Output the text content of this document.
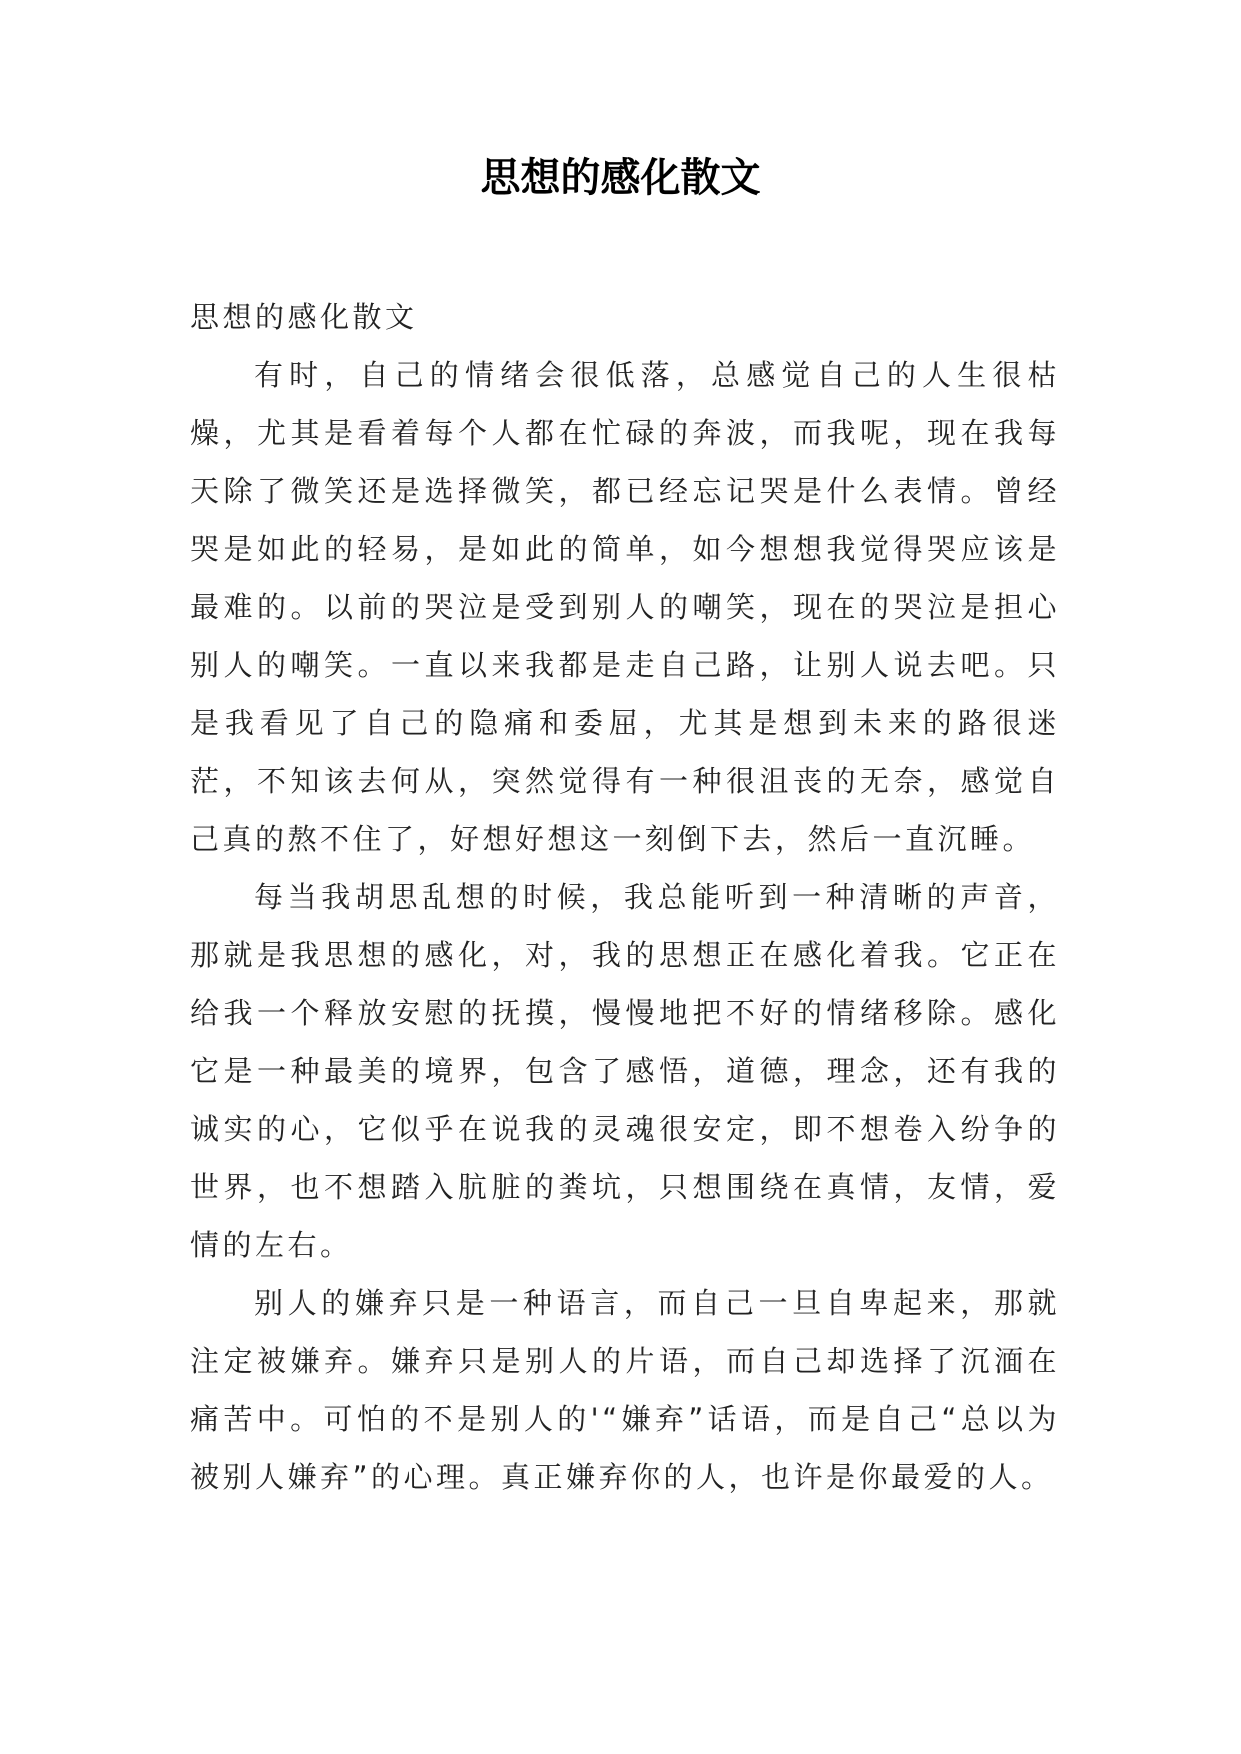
思想的感化散文

思想的感化散文

有时，自己的情绪会很低落，总感觉自己的人生很枯燥，尤其是看着每个人都在忙碌的奔波，而我呢，现在我每天除了微笑还是选择微笑，都已经忘记哭是什么表情。曾经哭是如此的轻易，是如此的简单，如今想想我觉得哭应该是最难的。以前的哭泣是受到别人的嘲笑，现在的哭泣是担心别人的嘲笑。一直以来我都是走自己路，让别人说去吧。只是我看见了自己的隐痛和委屈，尤其是想到未来的路很迷茫，不知该去何从，突然觉得有一种很沮丧的无奈，感觉自己真的熬不住了，好想好想这一刻倒下去，然后一直沉睡。

每当我胡思乱想的时候，我总能听到一种清晰的声音，那就是我思想的感化，对，我的思想正在感化着我。它正在给我一个释放安慰的抚摸，慢慢地把不好的情绪移除。感化它是一种最美的境界，包含了感悟，道德，理念，还有我的诚实的心，它似乎在说我的灵魂很安定，即不想卷入纷争的世界，也不想踏入肮脏的粪坑，只想围绕在真情，友情，爱情的左右。

别人的嫌弃只是一种语言，而自己一旦自卑起来，那就注定被嫌弃。嫌弃只是别人的片语，而自己却选择了沉湎在痛苦中。可怕的不是别人的'“嫌弃”话语，而是自己“总以为被别人嫌弃”的心理。真正嫌弃你的人，也许是你最爱的人。
